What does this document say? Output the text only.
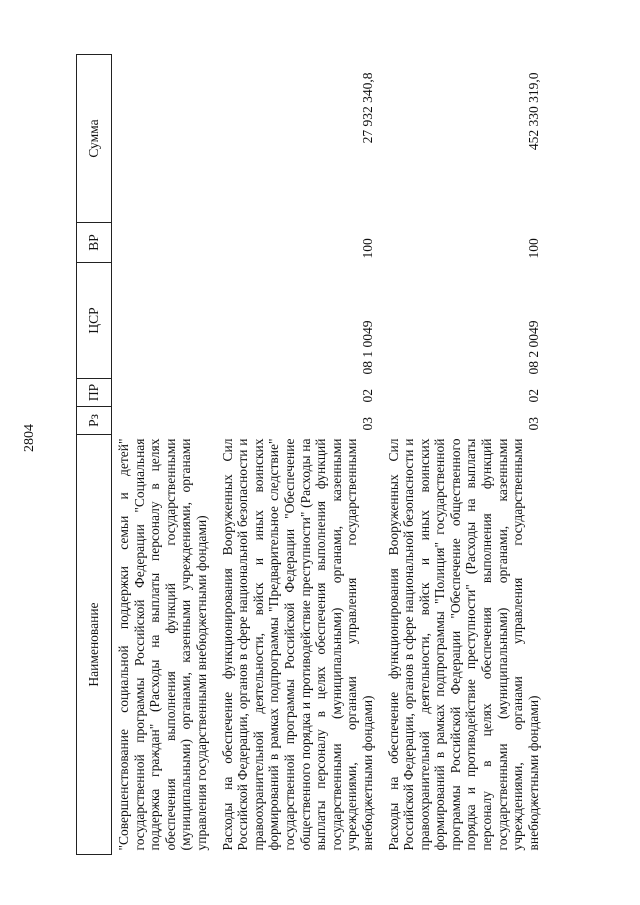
2804
Наименование	Рз	ПР	ЦСР	ВР	Сумма
"Совершенствование социальной поддержки семьи и детей" государственной программы Российской Федерации "Социальная поддержка граждан" (Расходы на выплаты персоналу в целях обеспечения выполнения функций государственными (муниципальными) органами, казенными учреждениями, органами управления государственными внебюджетными фондами)					
Расходы на обеспечение функционирования Вооруженных Сил Российской Федерации, органов в сфере национальной безопасности и правоохранительной деятельности, войск и иных воинских формирований в рамках подпрограммы "Предварительное следствие" государственной программы Российской Федерации "Обеспечение общественного порядка и противодействие преступности" (Расходы на выплаты персоналу в целях обеспечения выполнения функций государственными (муниципальными) органами, казенными учреждениями, органами управления государственными внебюджетными фондами)	03	02	08 1 0049	100	27 932 340,8
Расходы на обеспечение функционирования Вооруженных Сил Российской Федерации, органов в сфере национальной безопасности и правоохранительной деятельности, войск и иных воинских формирований в рамках подпрограммы "Полиция" государственной программы Российской Федерации "Обеспечение общественного порядка и противодействие преступности" (Расходы на выплаты персоналу в целях обеспечения выполнения функций государственными (муниципальными) органами, казенными учреждениями, органами управления государственными внебюджетными фондами)	03	02	08 2 0049	100	452 330 319,0
